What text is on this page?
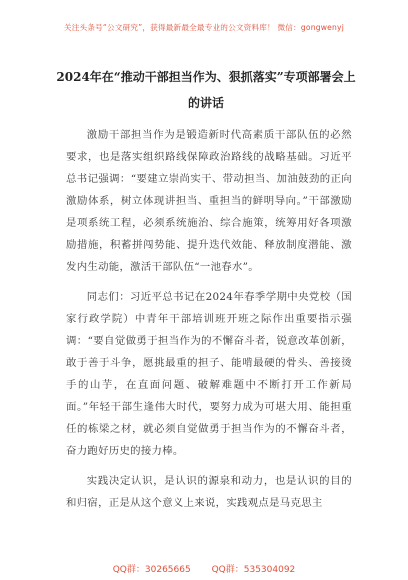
关注头条号“公文研究”，获得最新最全最专业的公文资料库！ 微信：gongwenyj
2024年在“推动干部担当作为、狠抓落实”专项部署会上的讲话

激励干部担当作为是锻造新时代高素质干部队伍的必然要求，也是落实组织路线保障政治路线的战略基础。习近平总书记强调：“要建立崇尚实干、带动担当、加油鼓劲的正向激励体系，树立体现讲担当、重担当的鲜明导向。”干部激励是项系统工程，必须系统施治、综合施策，统筹用好各项激励措施，积蓄拼闯势能、提升迭代效能、释放制度潜能、激发内生动能，激活干部队伍“一池春水”。

同志们：习近平总书记在2024年春季学期中央党校（国家行政学院）中青年干部培训班开班之际作出重要指示强调：“要自觉做勇于担当作为的不懈奋斗者，锐意改革创新，敢于善于斗争，愿挑最重的担子、能啃最硬的骨头、善接烫手的山芋，在直面问题、破解难题中不断打开工作新局面。”年轻干部生逢伟大时代，要努力成为可堪大用、能担重任的栋梁之材，就必须自觉做勇于担当作为的不懈奋斗者，奋力跑好历史的接力棒。

实践决定认识，是认识的源泉和动力，也是认识的目的和归宿，正是从这个意义上来说，实践观点是马克思主

QQ群：30265665 QQ群：535304092
